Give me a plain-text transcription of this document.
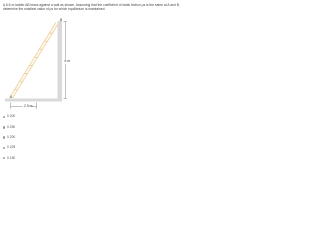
A 6.5-m ladder AB leans against a wall as shown. Assuming that the coefficient of static friction μs is the same at A and B, determine the smallest value of μs for which equilibrium is maintained.
B
A
6 m
2.5 m
0.200
0.250
0.200
0.225
0.150
